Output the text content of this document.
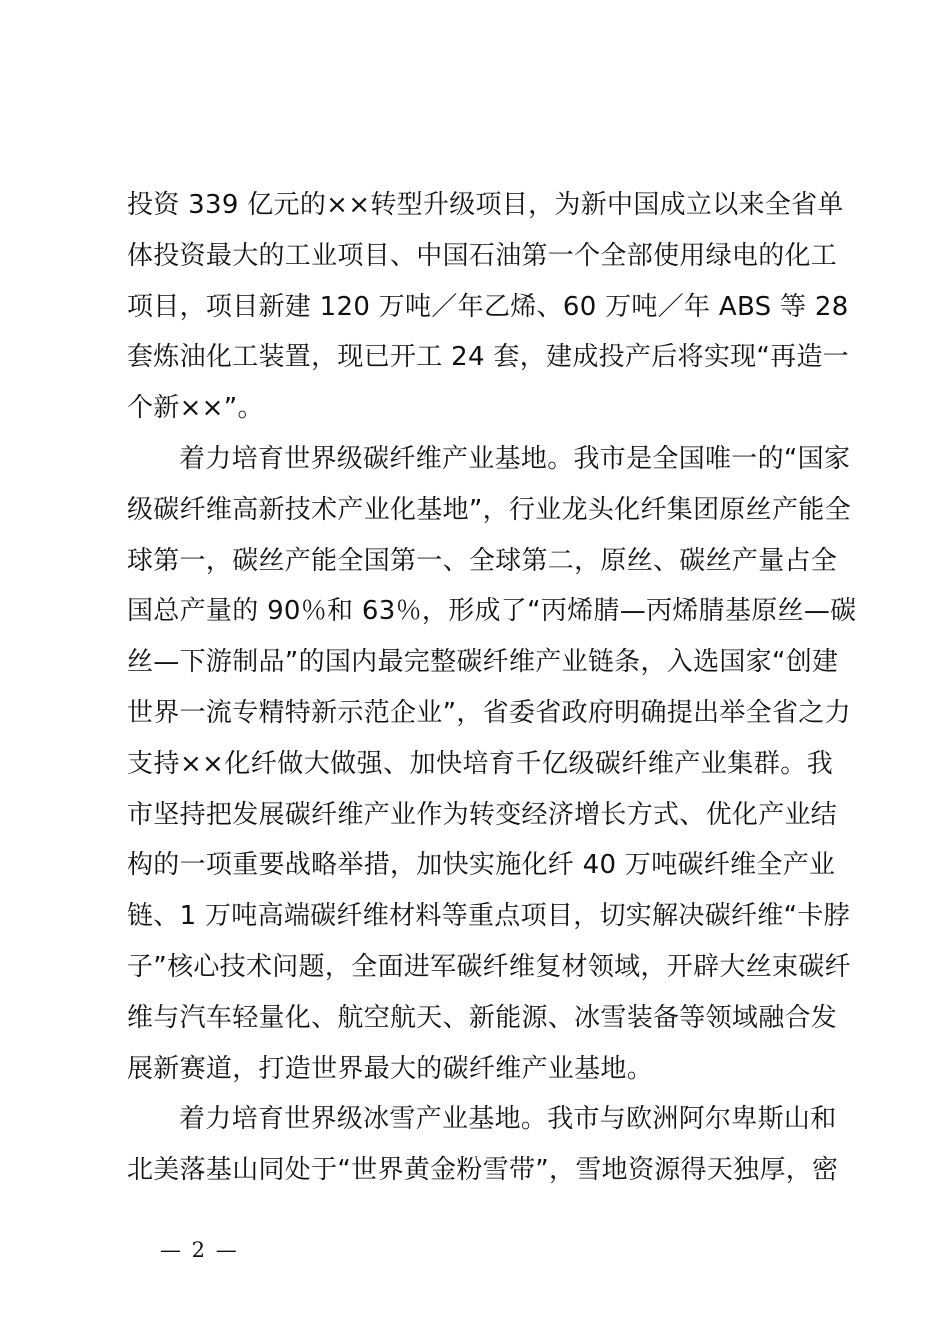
投资 339 亿元的××转型升级项目，为新中国成立以来全省单
体投资最大的工业项目、中国石油第一个全部使用绿电的化工
项目，项目新建 120 万吨／年乙烯、60 万吨／年 ABS 等 28
套炼油化工装置，现已开工 24 套，建成投产后将实现“再造一
个新××”。
着力培育世界级碳纤维产业基地。我市是全国唯一的“国家
级碳纤维高新技术产业化基地”，行业龙头化纤集团原丝产能全
球第一，碳丝产能全国第一、全球第二，原丝、碳丝产量占全
国总产量的 90％和 63％，形成了“丙烯腈—丙烯腈基原丝—碳
丝—下游制品”的国内最完整碳纤维产业链条，入选国家“创建
世界一流专精特新示范企业”，省委省政府明确提出举全省之力
支持××化纤做大做强、加快培育千亿级碳纤维产业集群。我
市坚持把发展碳纤维产业作为转变经济增长方式、优化产业结
构的一项重要战略举措，加快实施化纤 40 万吨碳纤维全产业
链、1 万吨高端碳纤维材料等重点项目，切实解决碳纤维“卡脖
子”核心技术问题，全面进军碳纤维复材领域，开辟大丝束碳纤
维与汽车轻量化、航空航天、新能源、冰雪装备等领域融合发
展新赛道，打造世界最大的碳纤维产业基地。
着力培育世界级冰雪产业基地。我市与欧洲阿尔卑斯山和
北美落基山同处于“世界黄金粉雪带”，雪地资源得天独厚，密
— 2 —
